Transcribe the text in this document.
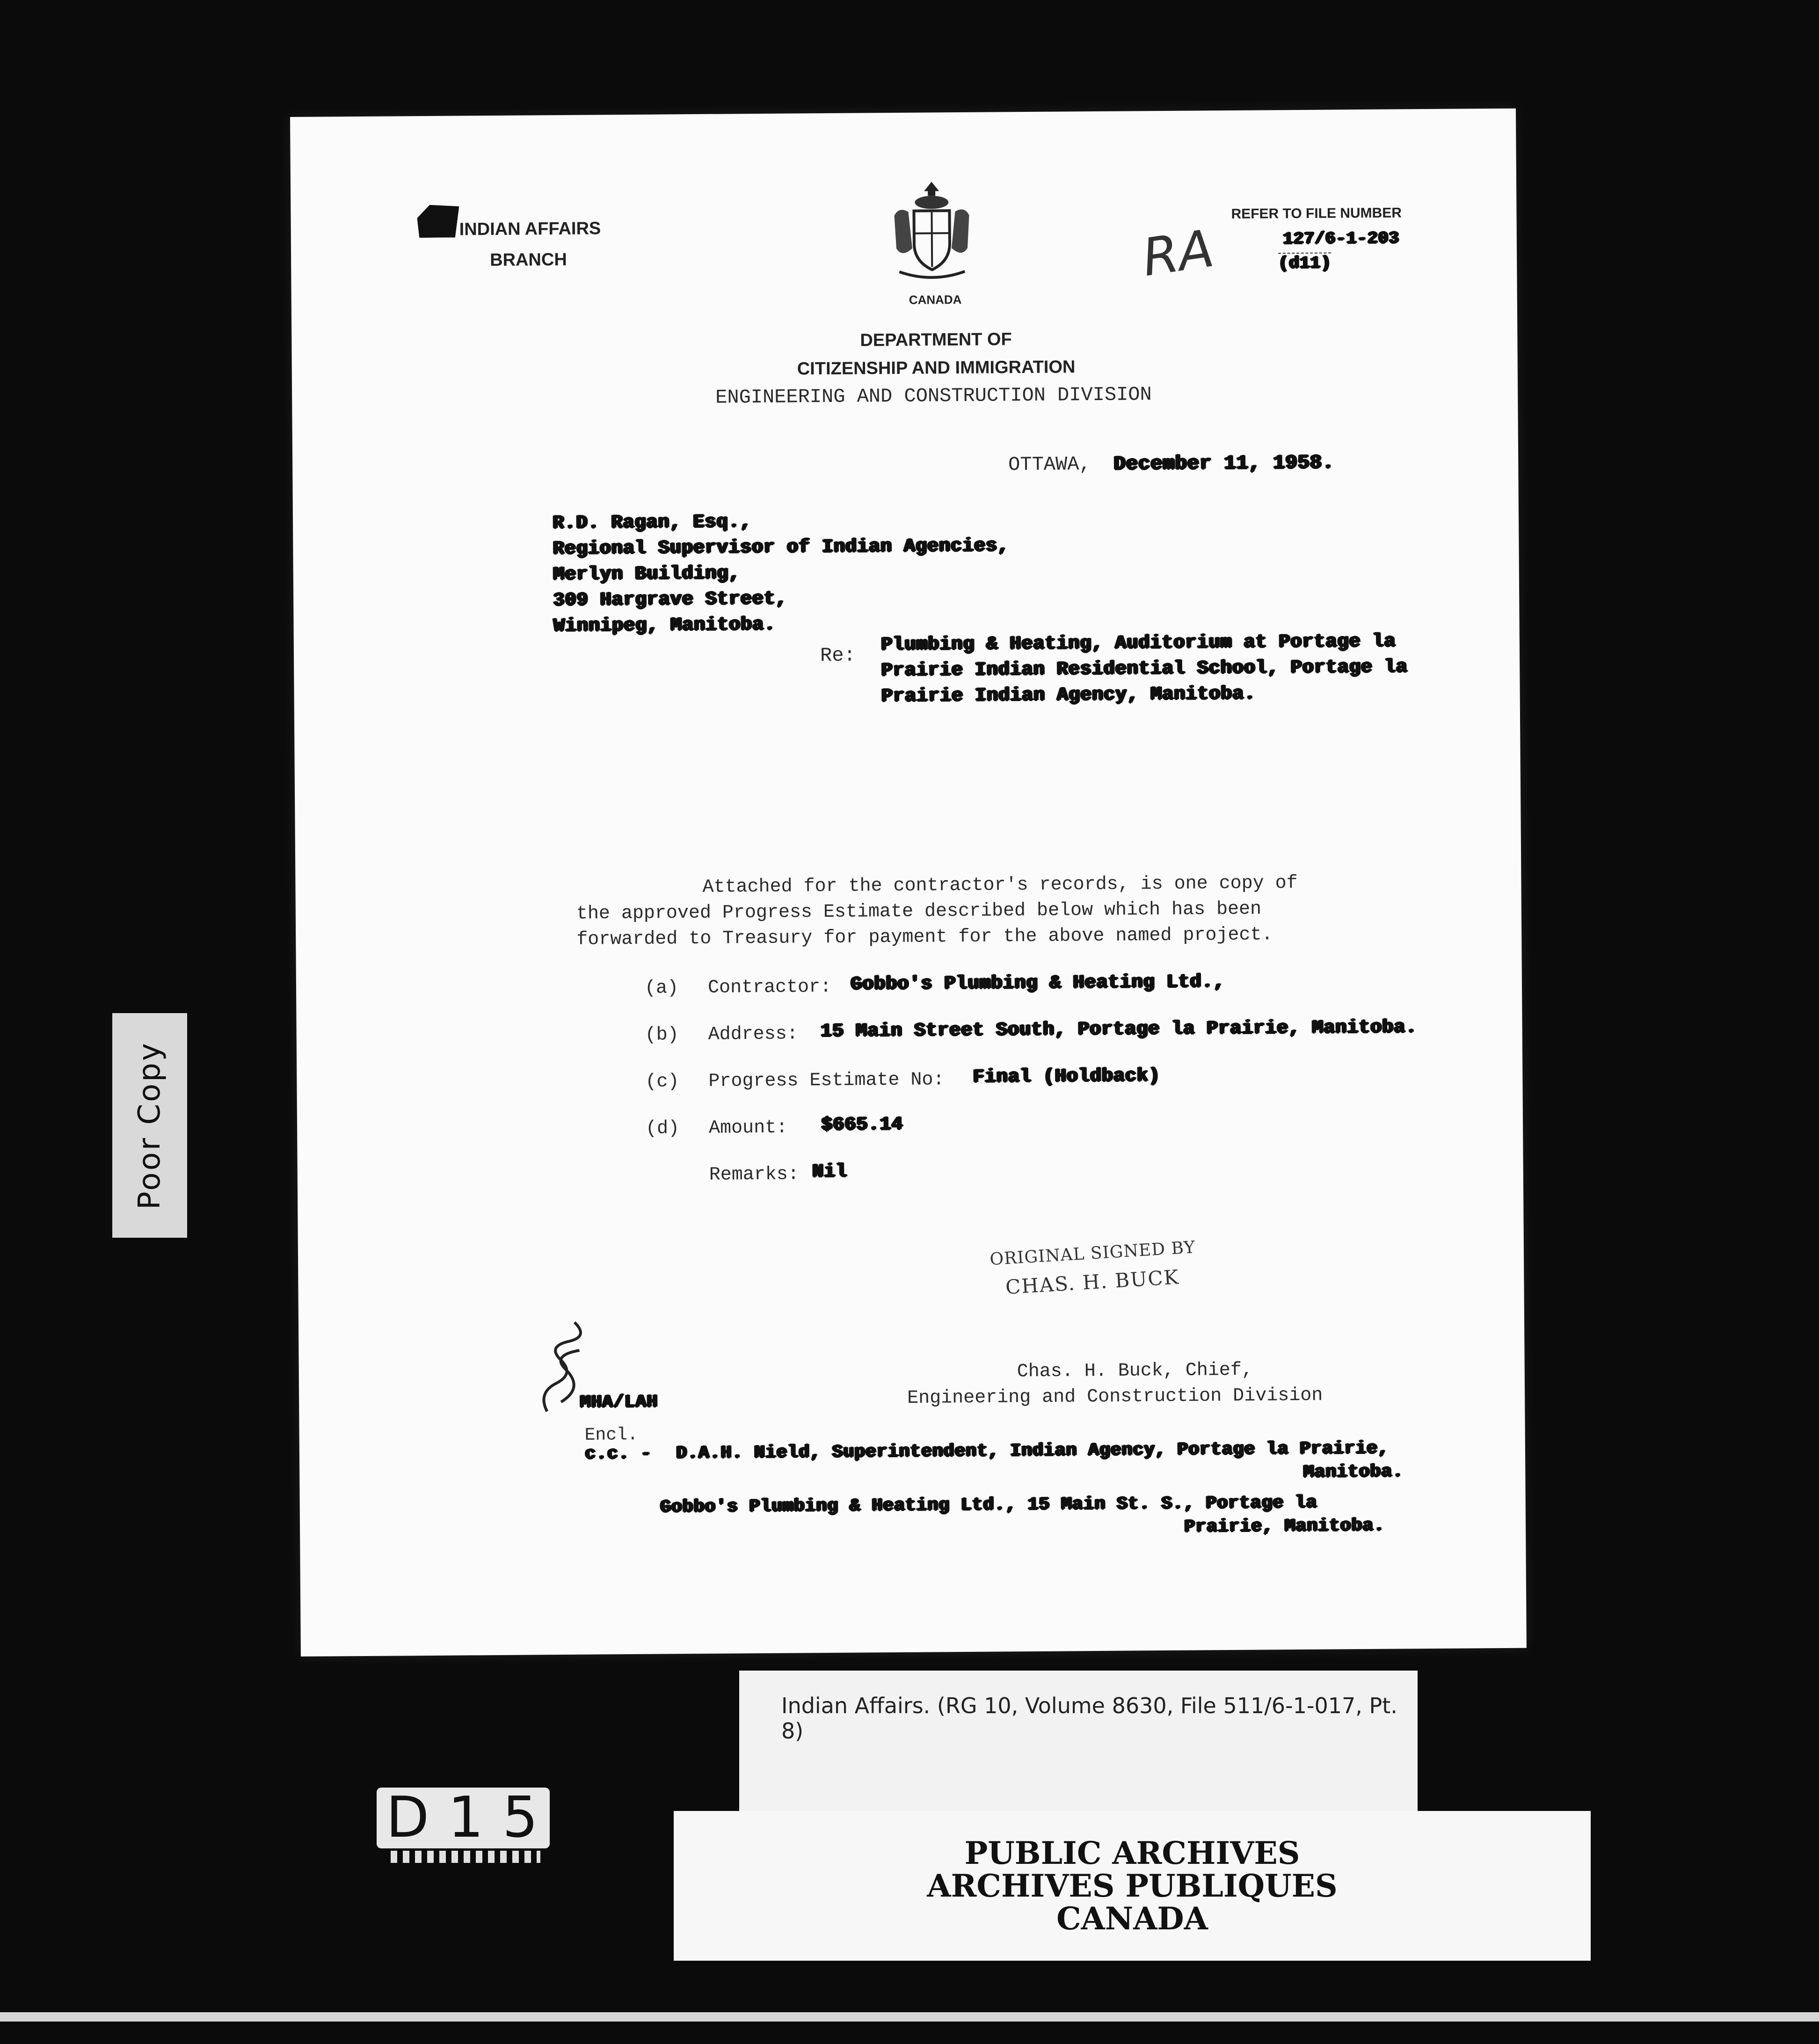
Poor Copy
INDIAN AFFAIRS
BRANCH
CANADA
DEPARTMENT OF
CITIZENSHIP AND IMMIGRATION
ENGINEERING AND CONSTRUCTION DIVISION
REFER TO FILE NUMBER
127/6-1-203
(d11)
RA
OTTAWA, December 11, 1958.
R.D. Ragan, Esq.,
Regional Supervisor of Indian Agencies,
Merlyn Building,
309 Hargrave Street,
Winnipeg, Manitoba.
Re: Plumbing & Heating, Auditorium at Portage la
Prairie Indian Residential School, Portage la
Prairie Indian Agency, Manitoba.
Attached for the contractor's records, is one copy of
the approved Progress Estimate described below which has been
forwarded to Treasury for payment for the above named project.
(a) Contractor: Gobbo's Plumbing & Heating Ltd.,
(b) Address: 15 Main Street South, Portage la Prairie, Manitoba.
(c) Progress Estimate No: Final (Holdback)
(d) Amount: $665.14
Remarks: Nil
ORIGINAL SIGNED BY
CHAS. H. BUCK
Chas. H. Buck, Chief,
Engineering and Construction Division
MHA/LAH
Encl.
c.c. - D.A.H. Nield, Superintendent, Indian Agency, Portage la Prairie,
Manitoba.
Gobbo's Plumbing & Heating Ltd., 15 Main St. S., Portage la
Prairie, Manitoba.
Indian Affairs. (RG 10, Volume 8630, File 511/6-1-017, Pt. 8)
PUBLIC ARCHIVES
ARCHIVES PUBLIQUES
CANADA
D15
